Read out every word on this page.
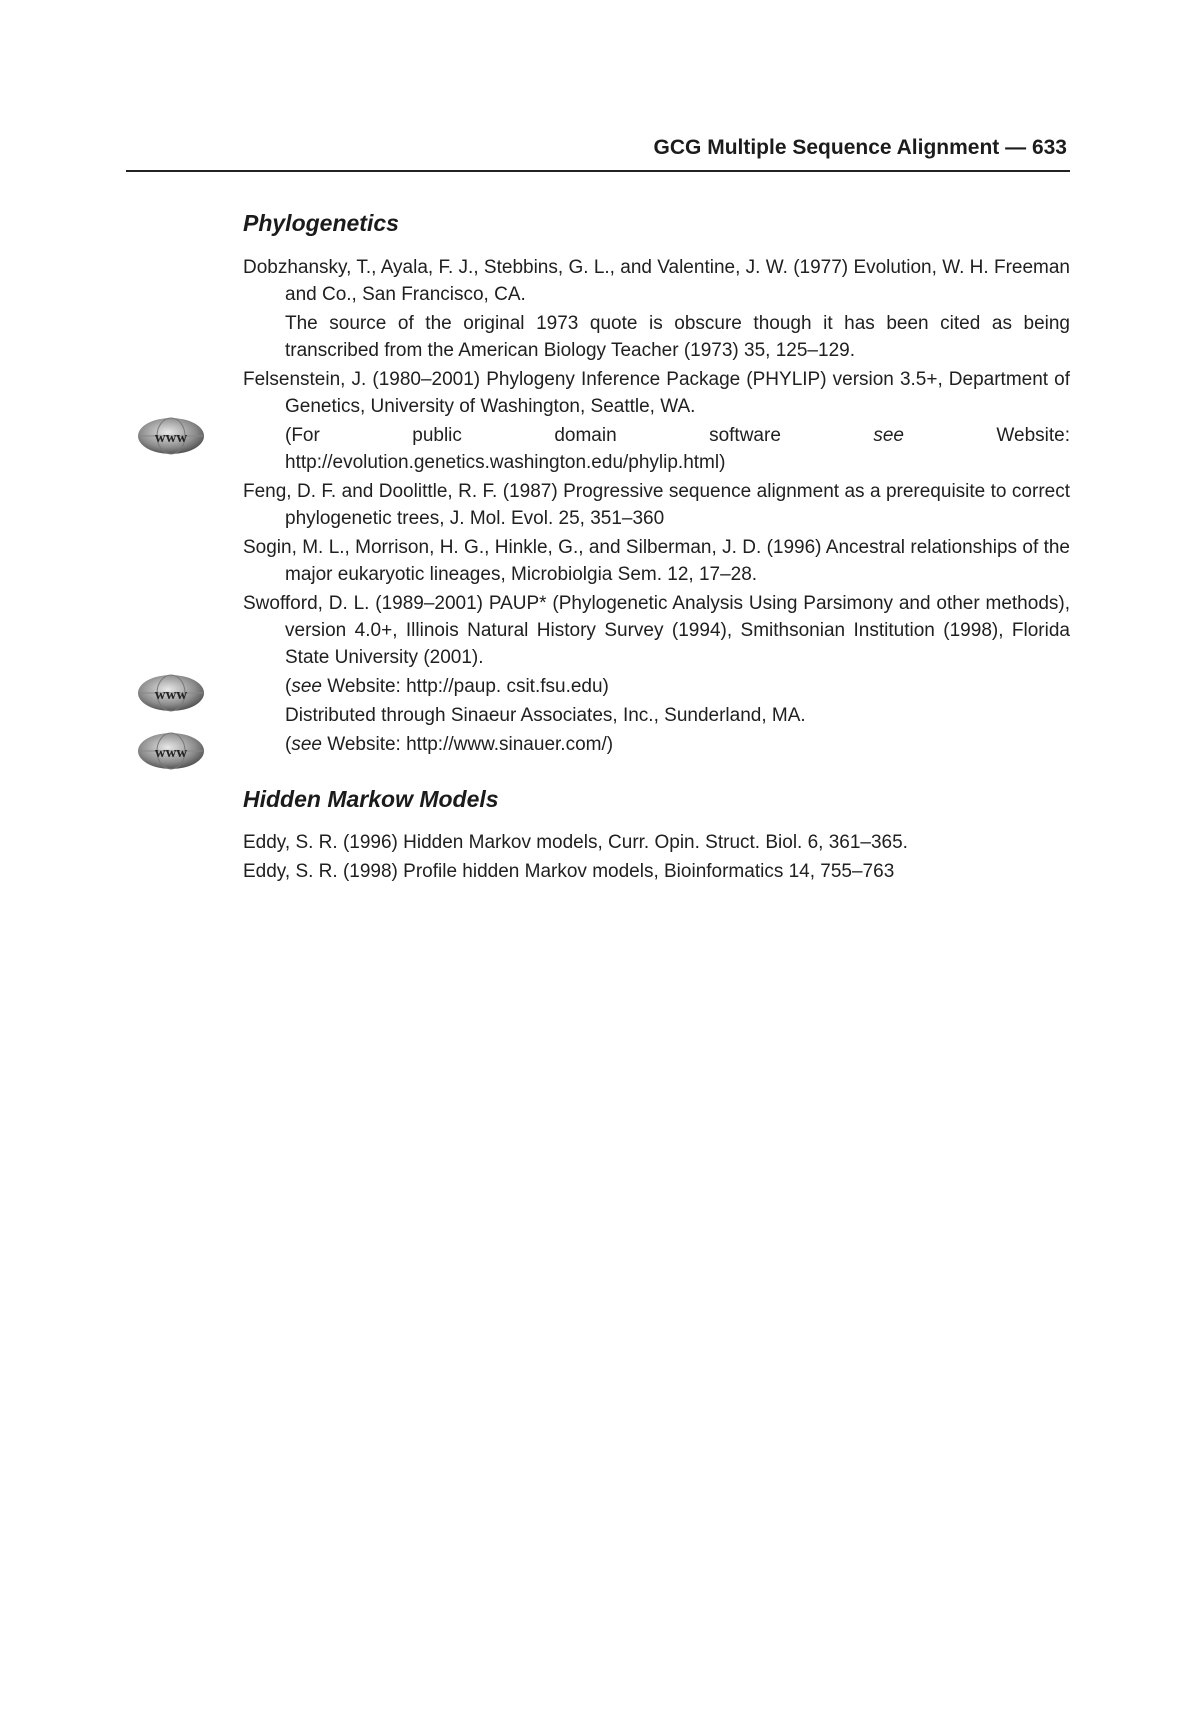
GCG Multiple Sequence Alignment — 633
Phylogenetics

Dobzhansky, T., Ayala, F. J., Stebbins, G. L., and Valentine, J. W. (1977) Evolution, W. H. Freeman and Co., San Francisco, CA.

The source of the original 1973 quote is obscure though it has been cited as being transcribed from the American Biology Teacher (1973) 35, 125–129.

Felsenstein, J. (1980–2001) Phylogeny Inference Package (PHYLIP) version 3.5+, Department of Genetics, University of Washington, Seattle, WA.

(For public domain software see Website: http://evolution.genetics.washington.edu/phylip.html)

Feng, D. F. and Doolittle, R. F. (1987) Progressive sequence alignment as a prerequisite to correct phylogenetic trees, J. Mol. Evol. 25, 351–360

Sogin, M. L., Morrison, H. G., Hinkle, G., and Silberman, J. D. (1996) Ancestral relationships of the major eukaryotic lineages, Microbiolgia Sem. 12, 17–28.

Swofford, D. L. (1989–2001) PAUP* (Phylogenetic Analysis Using Parsimony and other methods), version 4.0+, Illinois Natural History Survey (1994), Smithsonian Institution (1998), Florida State University (2001).

(see Website: http://paup. csit.fsu.edu)

Distributed through Sinaeur Associates, Inc., Sunderland, MA.

(see Website: http://www.sinauer.com/)

Hidden Markow Models

Eddy, S. R. (1996) Hidden Markov models, Curr. Opin. Struct. Biol. 6, 361–365.

Eddy, S. R. (1998) Profile hidden Markov models, Bioinformatics 14, 755–763

www
www
www
